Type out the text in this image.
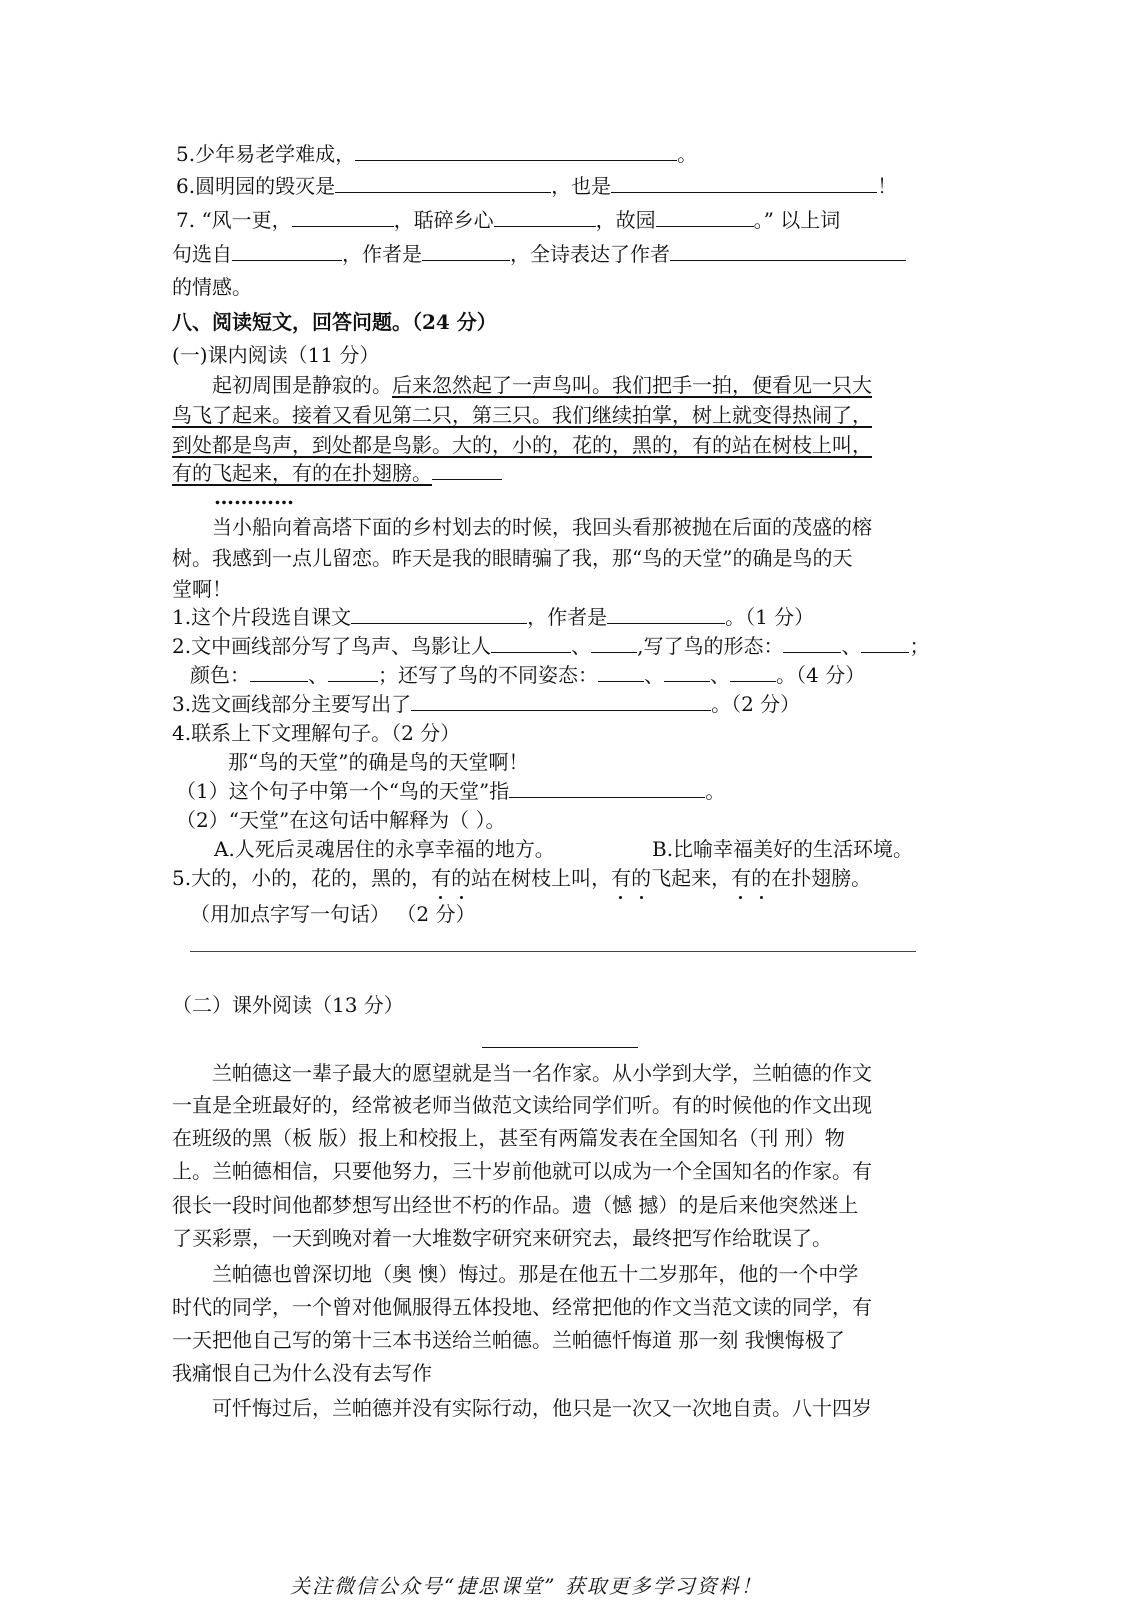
5.少年易老学难成，	。
6.圆明园的毁灭是	，也是	！
7. “风一更，	，聒碎乡心	，故园	。” 以上词
句选自	，作者是	，全诗表达了作者
的情感。
八、阅读短文，回答问题。（24 分）
(一)课内阅读（11 分）
起初周围是静寂的。后来忽然起了一声鸟叫。我们把手一拍，便看见一只大
鸟飞了起来。接着又看见第二只，第三只。我们继续拍掌，树上就变得热闹了，
到处都是鸟声，到处都是鸟影。大的，小的，花的，黑的，有的站在树枝上叫，
有的飞起来，有的在扑翅膀。
…………
当小船向着高塔下面的乡村划去的时候，我回头看那被抛在后面的茂盛的榕
树。我感到一点儿留恋。昨天是我的眼睛骗了我，那“鸟的天堂”的确是鸟的天
堂啊！
1.这个片段选自课文	，作者是	。（1 分）
2.文中画线部分写了鸟声、鸟影让人	、 ,写了鸟的形态：	、 ；
颜色：	、	；还写了鸟的不同姿态： 、 、 。（4 分）
3.选文画线部分主要写出了	。（2 分）
4.联系上下文理解句子。（2 分）
那“鸟的天堂”的确是鸟的天堂啊！
（1）这个句子中第一个“鸟的天堂”指	。
（2）“天堂”在这句话中解释为（ ）。
A.人死后灵魂居住的永享幸福的地方。	B.比喻幸福美好的生活环境。
5.大的，小的，花的，黑的，有的站在树枝上叫，有的飞起来，有的在扑翅膀。
（用加点字写一句话） （2 分）
（二）课外阅读（13 分）
兰帕德这一辈子最大的愿望就是当一名作家。从小学到大学，兰帕德的作文
一直是全班最好的，经常被老师当做范文读给同学们听。有的时候他的作文出现
在班级的黑（板 版）报上和校报上，甚至有两篇发表在全国知名（刊 刑）物
上。兰帕德相信，只要他努力，三十岁前他就可以成为一个全国知名的作家。有
很长一段时间他都梦想写出经世不朽的作品。遗（憾 撼）的是后来他突然迷上
了买彩票，一天到晚对着一大堆数字研究来研究去，最终把写作给耽误了。
兰帕德也曾深切地（奥 懊）悔过。那是在他五十二岁那年，他的一个中学
时代的同学，一个曾对他佩服得五体投地、经常把他的作文当范文读的同学，有
一天把他自己写的第十三本书送给兰帕德。兰帕德忏悔道 那一刻 我懊悔极了
我痛恨自己为什么没有去写作
可忏悔过后，兰帕德并没有实际行动，他只是一次又一次地自责。八十四岁
关注微信公众号“捷思课堂” 获取更多学习资料！
